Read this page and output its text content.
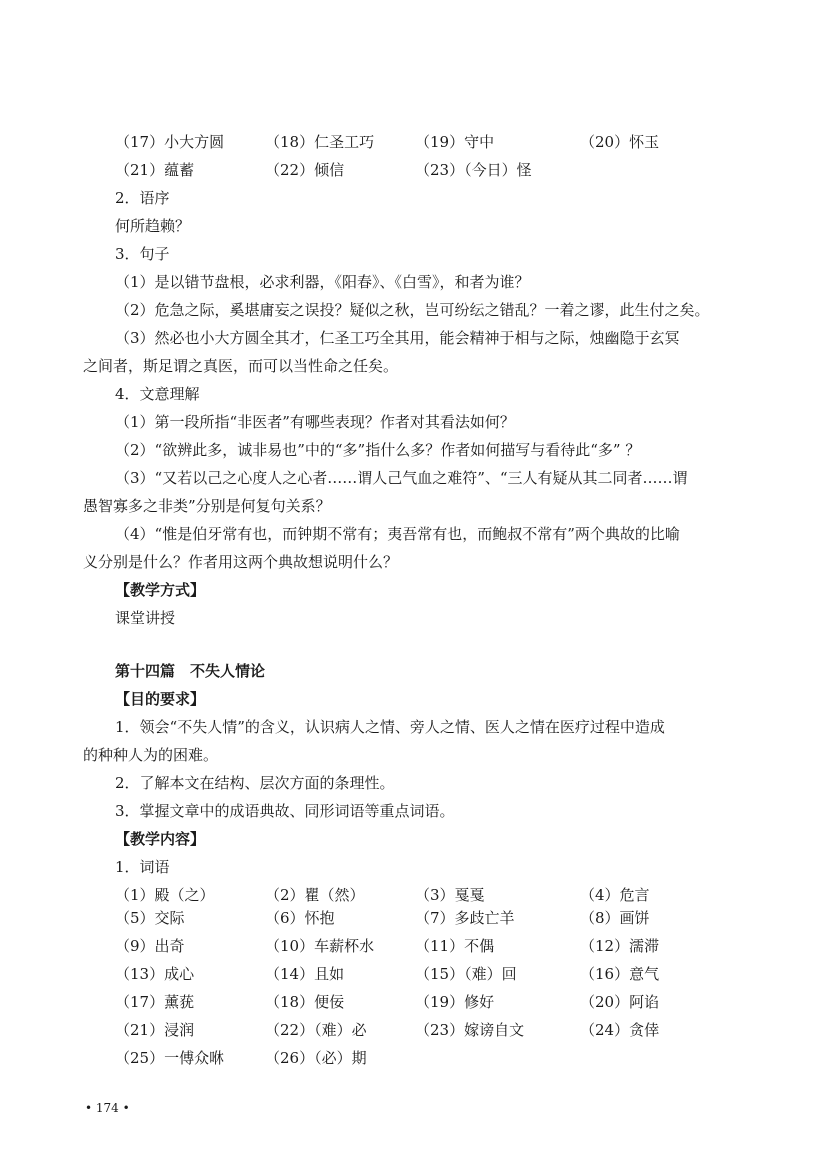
（17）小大方圆	（18）仁圣工巧	（19）守中	（20）怀玉
（21）蕴蓄	（22）倾信	（23）（今日）怪
2．语序
何所趋赖？
3．句子
（1）是以错节盘根，必求利器，《阳春》、《白雪》，和者为谁？
（2）危急之际，奚堪庸妄之误投？疑似之秋，岂可纷纭之错乱？一着之谬，此生付之矣。
（3）然必也小大方圆全其才，仁圣工巧全其用，能会精神于相与之际，烛幽隐于玄冥
之间者，斯足谓之真医，而可以当性命之任矣。
4．文意理解
（1）第一段所指“非医者”有哪些表现？作者对其看法如何？
（2）“欲辨此多，诚非易也”中的“多”指什么多？作者如何描写与看待此“多” ？
（3）“又若以己之心度人之心者……谓人己气血之难符”、“三人有疑从其二同者……谓
愚智寡多之非类”分别是何复句关系？
（4）“惟是伯牙常有也，而钟期不常有；夷吾常有也，而鲍叔不常有”两个典故的比喻
义分别是什么？作者用这两个典故想说明什么？
【教学方式】
课堂讲授
第十四篇　不失人情论
【目的要求】
1．领会“不失人情”的含义，认识病人之情、旁人之情、医人之情在医疗过程中造成
的种种人为的困难。
2．了解本文在结构、层次方面的条理性。
3．掌握文章中的成语典故、同形词语等重点词语。
【教学内容】
1．词语
（1）殿（之）	（2）瞿（然）	（3）戛戛	（4）危言
（5）交际	（6）怀抱	（7）多歧亡羊	（8）画饼
（9）出奇	（10）车薪杯水	（11）不偶	（12）濡滞
（13）成心	（14）且如	（15）（难）回	（16）意气
（17）薰莸	（18）便佞	（19）修好	（20）阿谄
（21）浸润	（22）（难）必	（23）嫁谤自文	（24）贪倖
（25）一傅众咻	（26）（必）期
• 174 •
